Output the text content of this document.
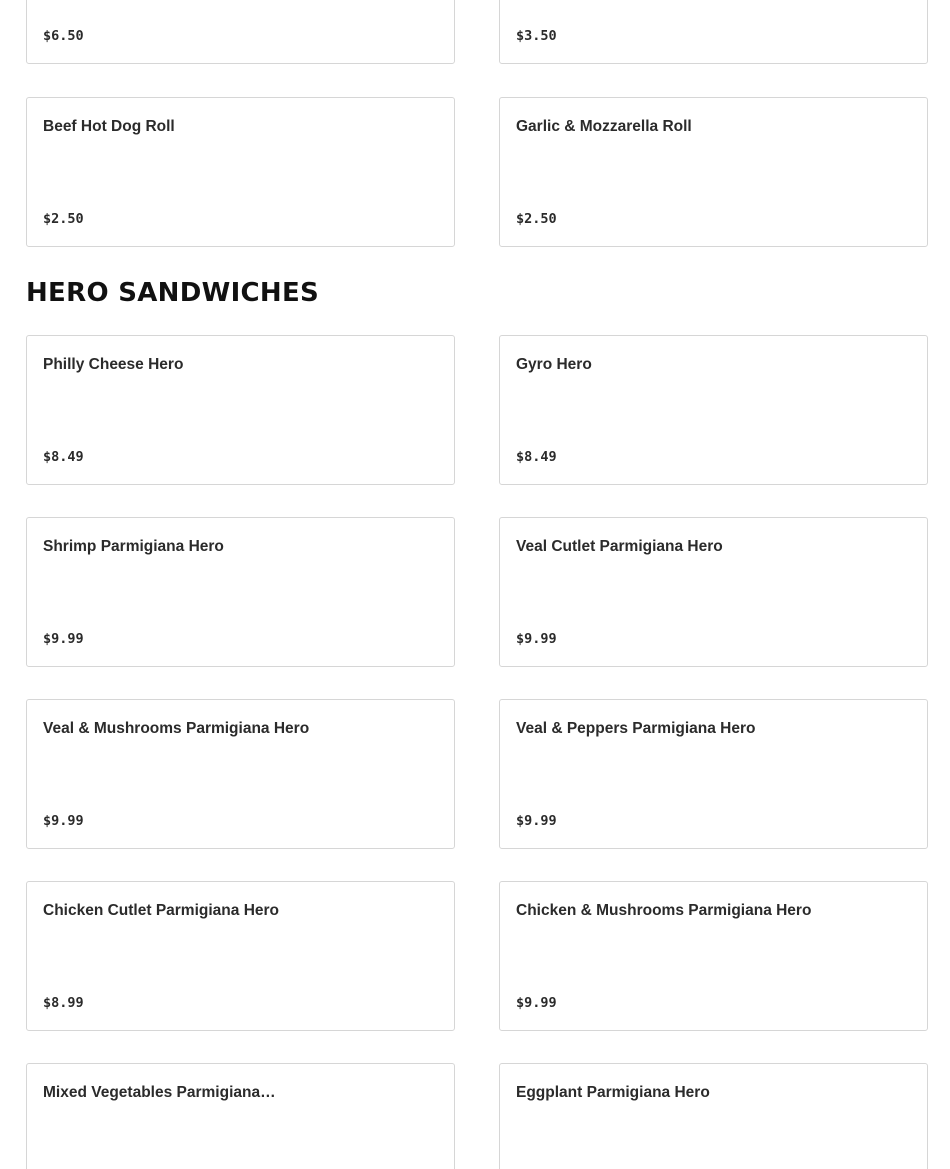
$6.50	$3.50
Beef Hot Dog Roll
$2.50
Garlic & Mozzarella Roll
$2.50
HERO SANDWICHES
Philly Cheese Hero
$8.49
Gyro Hero
$8.49
Shrimp Parmigiana Hero
$9.99
Veal Cutlet Parmigiana Hero
$9.99
Veal & Mushrooms Parmigiana Hero
$9.99
Veal & Peppers Parmigiana Hero
$9.99
Chicken Cutlet Parmigiana Hero
$8.99
Chicken & Mushrooms Parmigiana Hero
$9.99
Mixed Vegetables Parmigiana…	Eggplant Parmigiana Hero
